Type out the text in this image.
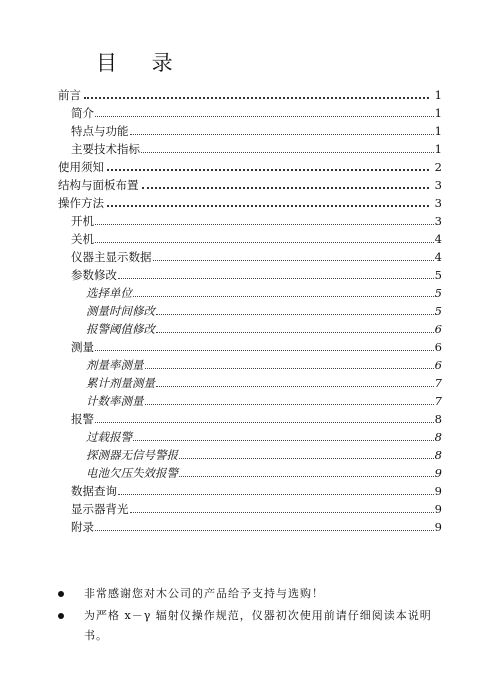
目 录
前言	1
简介	1
特点与功能	1
主要技术指标	1
使用须知	2
结构与面板布置	3
操作方法	3
开机	3
关机	4
仪器主显示数据	4
参数修改	5
选择单位	5
测量时间修改	5
报警阈值修改	6
测量	6
剂量率测量	6
累计剂量测量	7
计数率测量	7
报警	8
过载报警	8
探测器无信号警报	8
电池欠压失效报警	9
数据查询	9
显示器背光	9
附录	9
非常感谢您对木公司的产品给予支持与选购！
为严格 x－γ 辐射仪操作规范，仪器初次使用前请仔细阅读本说明书。
